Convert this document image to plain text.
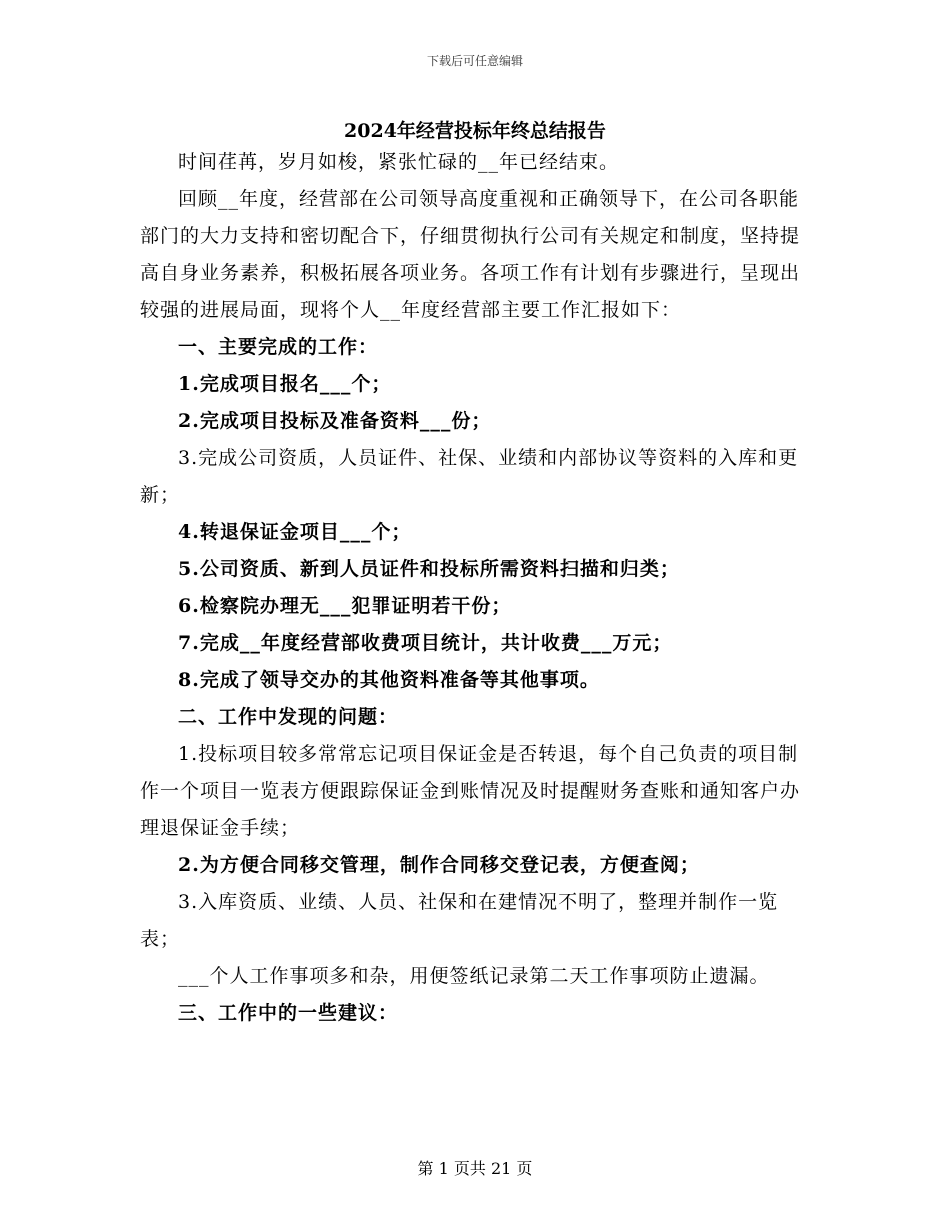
下载后可任意编辑
2024年经营投标年终总结报告

时间荏苒，岁月如梭，紧张忙碌的__年已经结束。

回顾__年度，经营部在公司领导高度重视和正确领导下，在公司各职能部门的大力支持和密切配合下，仔细贯彻执行公司有关规定和制度，坚持提高自身业务素养，积极拓展各项业务。各项工作有计划有步骤进行，呈现出较强的进展局面，现将个人__年度经营部主要工作汇报如下：

一、主要完成的工作：

1.完成项目报名___个；

2.完成项目投标及准备资料___份；

3.完成公司资质，人员证件、社保、业绩和内部协议等资料的入库和更新；

4.转退保证金项目___个；

5.公司资质、新到人员证件和投标所需资料扫描和归类；

6.检察院办理无___犯罪证明若干份；

7.完成__年度经营部收费项目统计，共计收费___万元；

8.完成了领导交办的其他资料准备等其他事项。

二、工作中发现的问题：

1.投标项目较多常常忘记项目保证金是否转退，每个自己负责的项目制作一个项目一览表方便跟踪保证金到账情况及时提醒财务查账和通知客户办理退保证金手续；

2.为方便合同移交管理，制作合同移交登记表，方便查阅；

3.入库资质、业绩、人员、社保和在建情况不明了，整理并制作一览表；

___个人工作事项多和杂，用便签纸记录第二天工作事项防止遗漏。

三、工作中的一些建议：

第 1 页共 21 页
